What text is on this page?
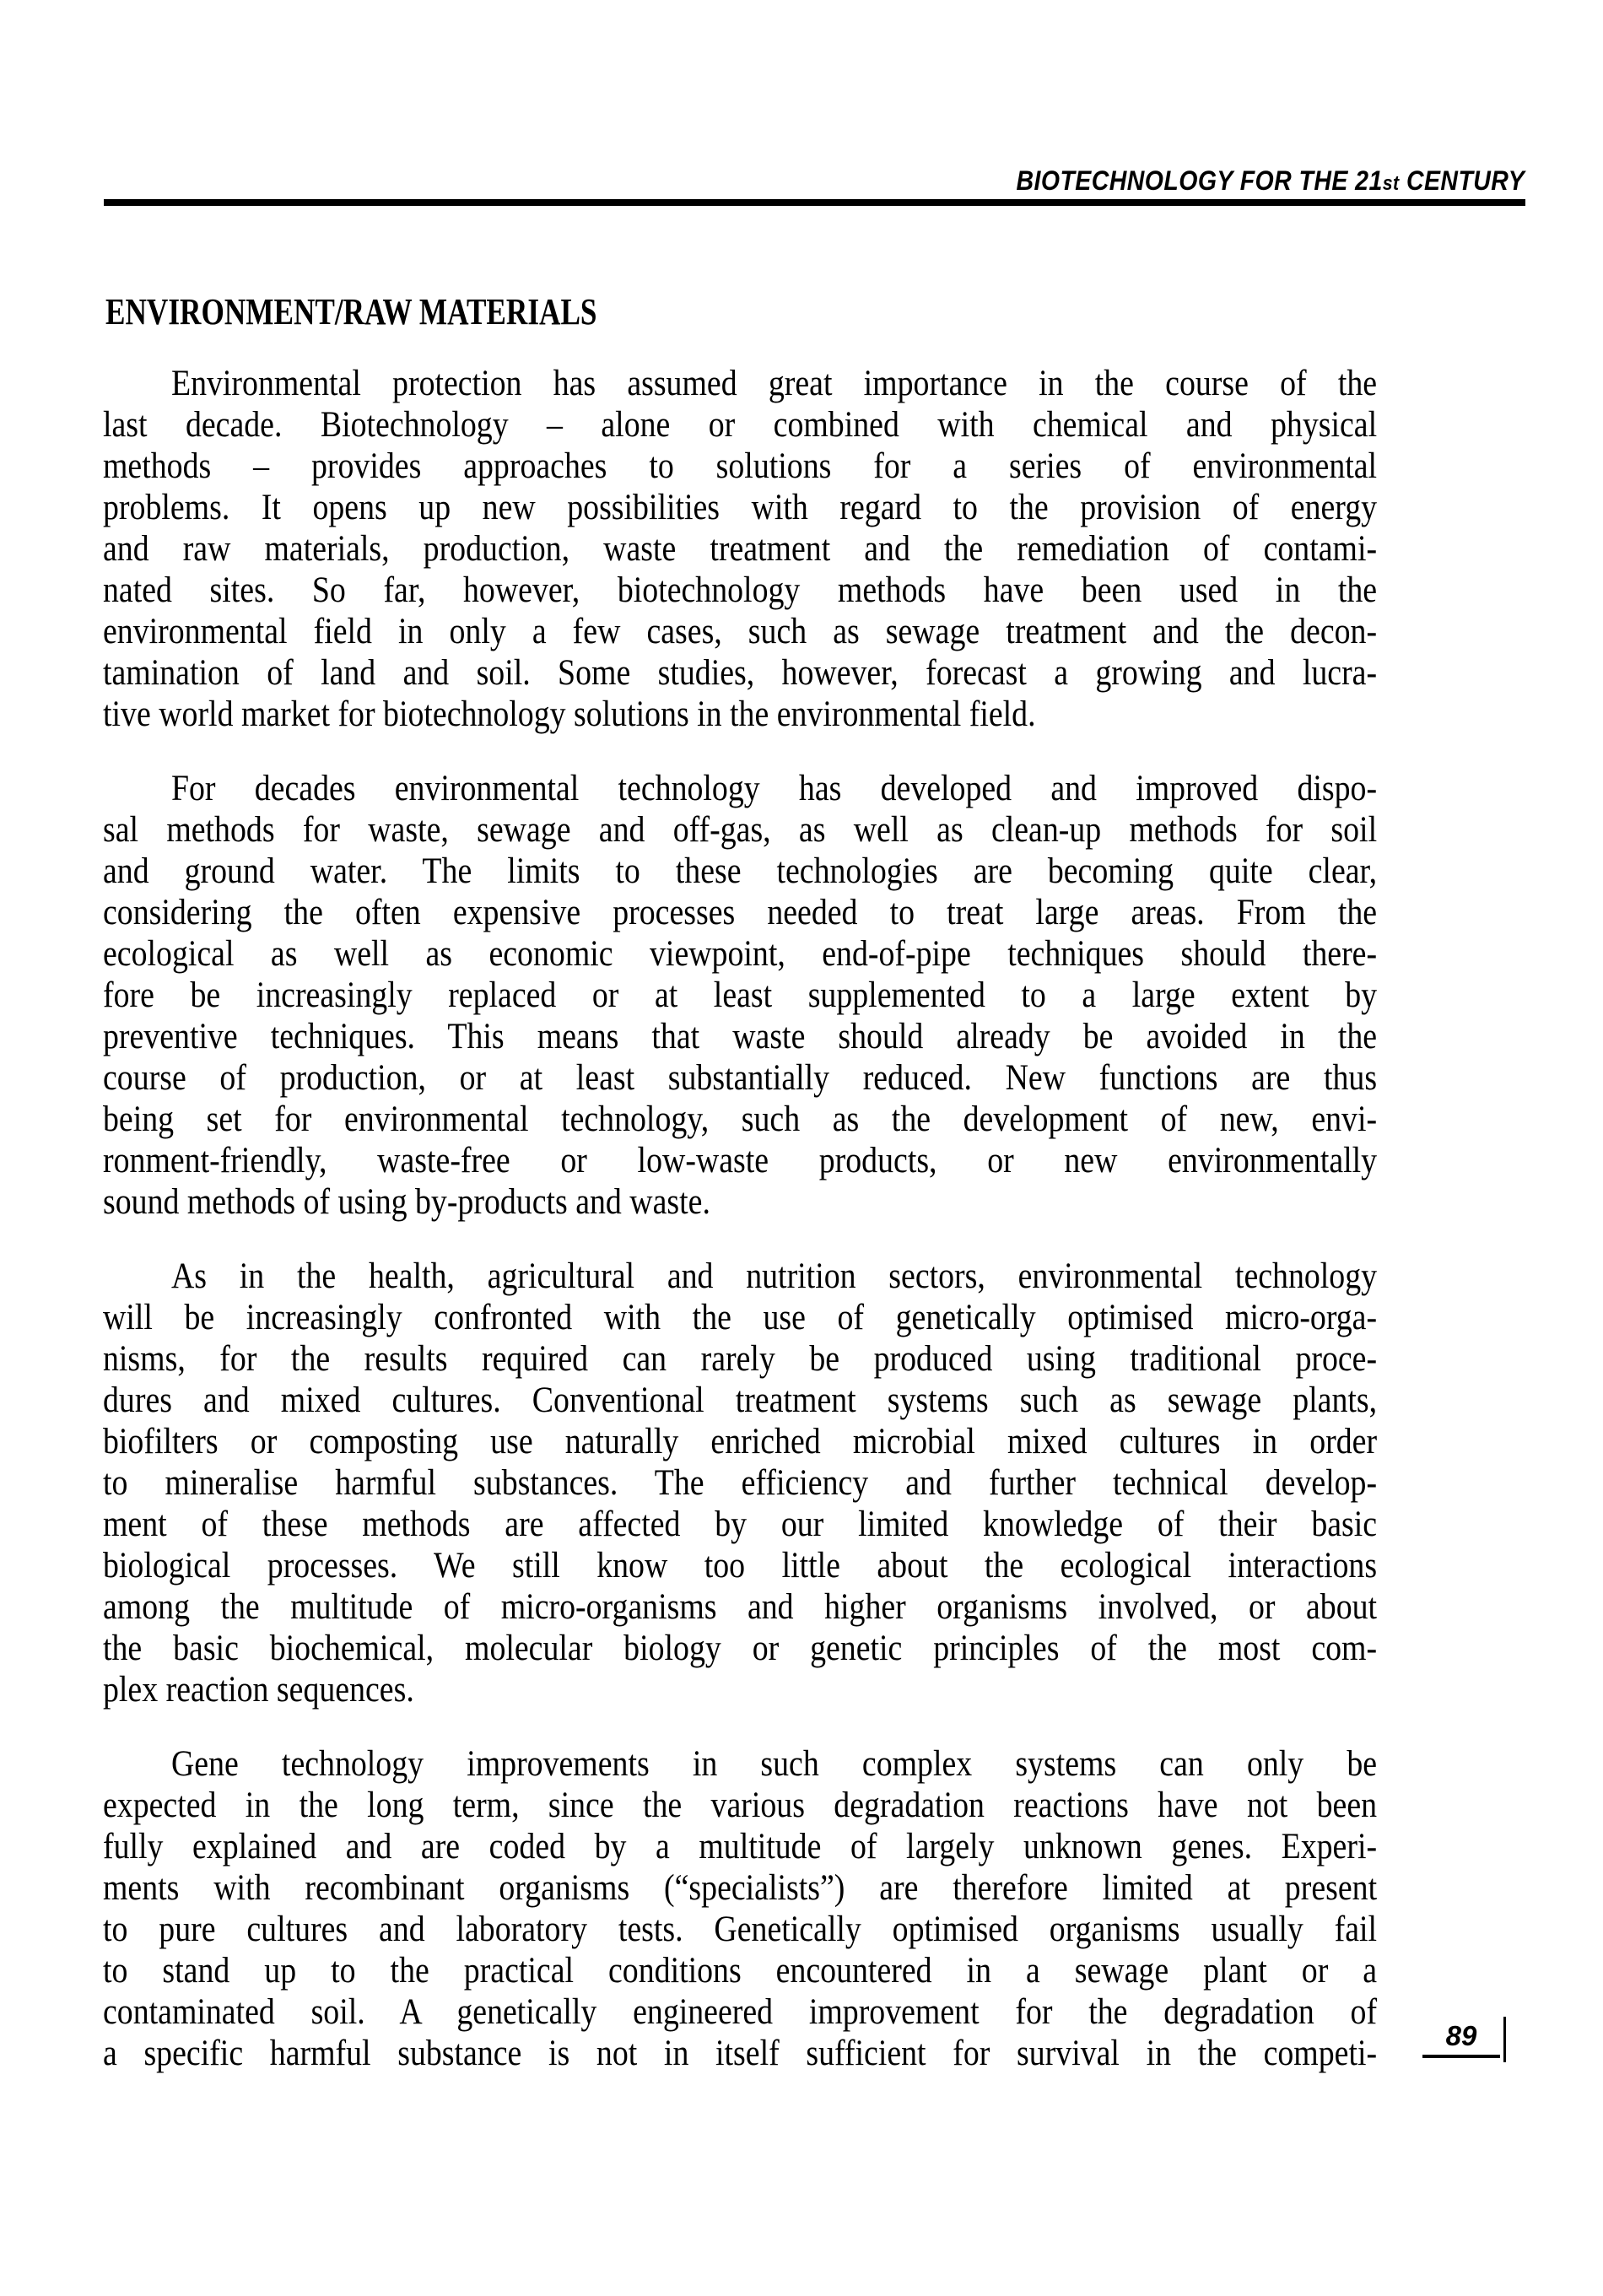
BIOTECHNOLOGY FOR THE 21st CENTURY
ENVIRONMENT/RAW MATERIALS

Environmental protection has assumed great importance in the course of the
last decade. Biotechnology – alone or combined with chemical and physical
methods – provides approaches to solutions for a series of environmental
problems. It opens up new possibilities with regard to the provision of energy
and raw materials, production, waste treatment and the remediation of contami-
nated sites. So far, however, biotechnology methods have been used in the
environmental field in only a few cases, such as sewage treatment and the decon-
tamination of land and soil. Some studies, however, forecast a growing and lucra-
tive world market for biotechnology solutions in the environmental field.

For decades environmental technology has developed and improved dispo-
sal methods for waste, sewage and off-gas, as well as clean-up methods for soil
and ground water. The limits to these technologies are becoming quite clear,
considering the often expensive processes needed to treat large areas. From the
ecological as well as economic viewpoint, end-of-pipe techniques should there-
fore be increasingly replaced or at least supplemented to a large extent by
preventive techniques. This means that waste should already be avoided in the
course of production, or at least substantially reduced. New functions are thus
being set for environmental technology, such as the development of new, envi-
ronment-friendly, waste-free or low-waste products, or new environmentally
sound methods of using by-products and waste.

As in the health, agricultural and nutrition sectors, environmental technology
will be increasingly confronted with the use of genetically optimised micro-orga-
nisms, for the results required can rarely be produced using traditional proce-
dures and mixed cultures. Conventional treatment systems such as sewage plants,
biofilters or composting use naturally enriched microbial mixed cultures in order
to mineralise harmful substances. The efficiency and further technical develop-
ment of these methods are affected by our limited knowledge of their basic
biological processes. We still know too little about the ecological interactions
among the multitude of micro-organisms and higher organisms involved, or about
the basic biochemical, molecular biology or genetic principles of the most com-
plex reaction sequences.

Gene technology improvements in such complex systems can only be
expected in the long term, since the various degradation reactions have not been
fully explained and are coded by a multitude of largely unknown genes. Experi-
ments with recombinant organisms (“specialists”) are therefore limited at present
to pure cultures and laboratory tests. Genetically optimised organisms usually fail
to stand up to the practical conditions encountered in a sewage plant or a
contaminated soil. A genetically engineered improvement for the degradation of
a specific harmful substance is not in itself sufficient for survival in the competi-	89
